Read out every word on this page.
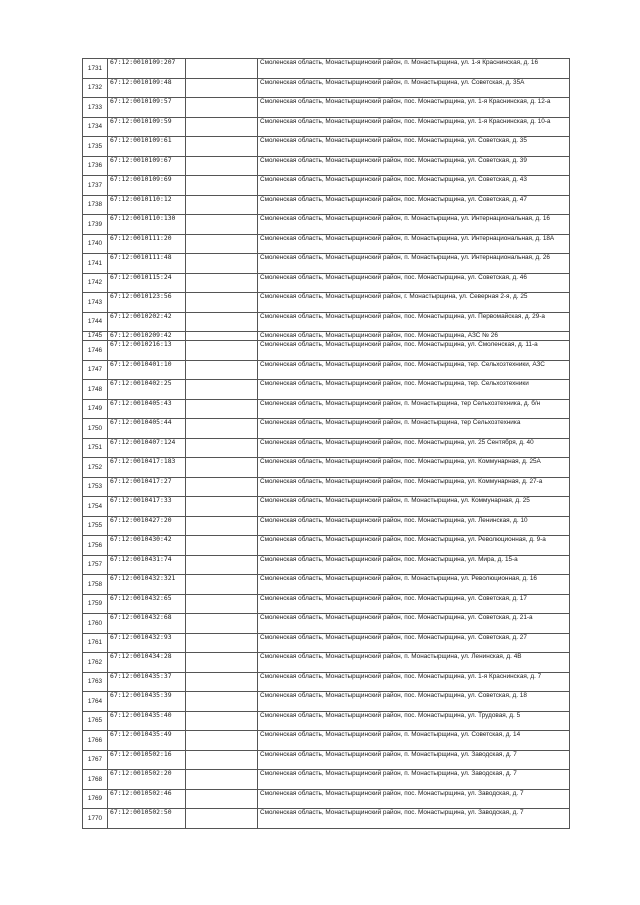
1731	67:12:0010109:207		Смоленская область, Монастырщинский район, п. Монастырщина, ул. 1-я Краснинская, д. 16
1732	67:12:0010109:48		Смоленская область, Монастырщинский район, п. Монастырщина, ул. Советская, д. 35А
1733	67:12:0010109:57		Смоленская область, Монастырщинский район, пос. Монастырщина, ул. 1-я Краснинская, д. 12-а
1734	67:12:0010109:59		Смоленская область, Монастырщинский район, пос. Монастырщина, ул. 1-я Краснинская, д. 10-а
1735	67:12:0010109:61		Смоленская область, Монастырщинский район, пос. Монастырщина, ул. Советская, д. 35
1736	67:12:0010109:67		Смоленская область, Монастырщинский район, пос. Монастырщина, ул. Советская, д. 39
1737	67:12:0010109:69		Смоленская область, Монастырщинский район, пос. Монастырщина, ул. Советская, д. 43
1738	67:12:0010110:12		Смоленская область, Монастырщинский район, пос. Монастырщина, ул. Советская, д. 47
1739	67:12:0010110:130		Смоленская область, Монастырщинский район, п. Монастырщина, ул. Интернациональная, д. 16
1740	67:12:0010111:20		Смоленская область, Монастырщинский район, п. Монастырщина, ул. Интернациональная, д. 18А
1741	67:12:0010111:48		Смоленская область, Монастырщинский район, п. Монастырщина, ул. Интернациональная, д. 26
1742	67:12:0010115:24		Смоленская область, Монастырщинский район, пос. Монастырщина, ул. Советская, д. 46
1743	67:12:0010123:56		Смоленская область, Монастырщинский район, г. Монастырщина, ул. Северная 2-я, д. 25
1744	67:12:0010202:42		Смоленская область, Монастырщинский район, пос. Монастырщина, ул. Первомайская, д. 29-а
1745	67:12:0010209:42		Смоленская область, Монастырщинский район, пос. Монастырщина, АЗС № 26
1746	67:12:0010216:13		Смоленская область, Монастырщинский район, пос. Монастырщина, ул. Смоленская, д. 11-а
1747	67:12:0010401:10		Смоленская область, Монастырщинский район, пос. Монастырщина, тер. Сельхозтехники, АЗС
1748	67:12:0010402:25		Смоленская область, Монастырщинский район, пос. Монастырщина, тер. Сельхозтехники
1749	67:12:0010405:43		Смоленская область, Монастырщинский район, п. Монастырщина, тер Сельхозтехника, д. б/н
1750	67:12:0010405:44		Смоленская область, Монастырщинский район, п. Монастырщина, тер Сельхозтехника
1751	67:12:0010407:124		Смоленская область, Монастырщинский район, пос. Монастырщина, ул. 25 Сентября, д. 40
1752	67:12:0010417:183		Смоленская область, Монастырщинский район, пос. Монастырщина, ул. Коммунарная, д. 25А
1753	67:12:0010417:27		Смоленская область, Монастырщинский район, пос. Монастырщина, ул. Коммунарная, д. 27-а
1754	67:12:0010417:33		Смоленская область, Монастырщинский район, п. Монастырщина, ул. Коммунарная, д. 25
1755	67:12:0010427:20		Смоленская область, Монастырщинский район, пос. Монастырщина, ул. Ленинская, д. 10
1756	67:12:0010430:42		Смоленская область, Монастырщинский район, пос. Монастырщина, ул. Революционная, д. 9-а
1757	67:12:0010431:74		Смоленская область, Монастырщинский район, пос. Монастырщина, ул. Мира, д. 15-а
1758	67:12:0010432:321		Смоленская область, Монастырщинский район, п. Монастырщина, ул. Революционная, д. 16
1759	67:12:0010432:65		Смоленская область, Монастырщинский район, пос. Монастырщина, ул. Советская, д. 17
1760	67:12:0010432:68		Смоленская область, Монастырщинский район, пос. Монастырщина, ул. Советская, д. 21-а
1761	67:12:0010432:93		Смоленская область, Монастырщинский район, пос. Монастырщина, ул. Советская, д. 27
1762	67:12:0010434:28		Смоленская область, Монастырщинский район, п. Монастырщина, ул. Ленинская, д. 4В
1763	67:12:0010435:37		Смоленская область, Монастырщинский район, пос. Монастырщина, ул. 1-я Краснинская, д. 7
1764	67:12:0010435:39		Смоленская область, Монастырщинский район, пос. Монастырщина, ул. Советская, д. 18
1765	67:12:0010435:40		Смоленская область, Монастырщинский район, пос. Монастырщина, ул. Трудовая, д. 5
1766	67:12:0010435:49		Смоленская область, Монастырщинский район, п. Монастырщина, ул. Советская, д. 14
1767	67:12:0010502:16		Смоленская область, Монастырщинский район, п. Монастырщина, ул. Заводская, д. 7
1768	67:12:0010502:20		Смоленская область, Монастырщинский район, п. Монастырщина, ул. Заводская, д. 7
1769	67:12:0010502:46		Смоленская область, Монастырщинский район, пос. Монастырщина, ул. Заводская, д. 7
1770	67:12:0010502:50		Смоленская область, Монастырщинский район, пос. Монастырщина, ул. Заводская, д. 7
